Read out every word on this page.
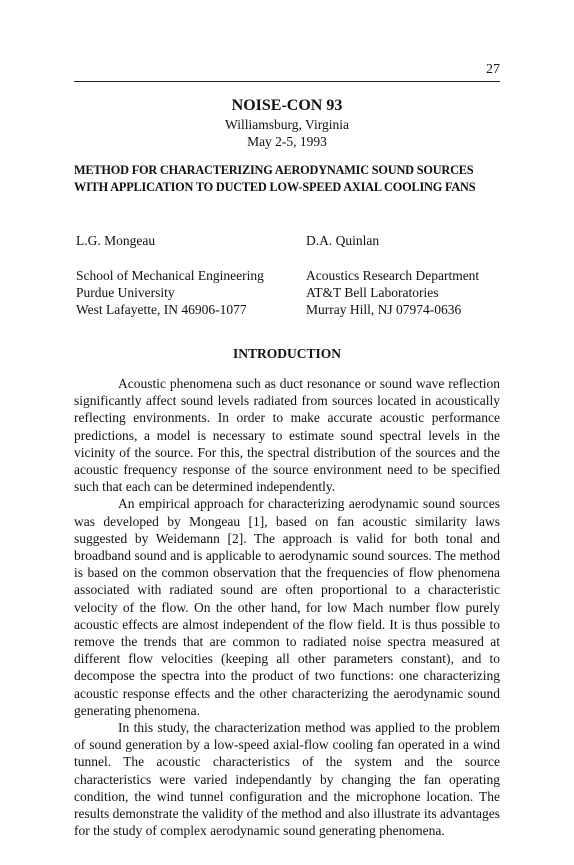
27
NOISE-CON 93
Williamsburg, Virginia
May 2-5, 1993
METHOD FOR CHARACTERIZING AERODYNAMIC SOUND SOURCES
WITH APPLICATION TO DUCTED LOW-SPEED AXIAL COOLING FANS
L.G. Mongeau
School of Mechanical Engineering
Purdue University
West Lafayette, IN 46906-1077
D.A. Quinlan
Acoustics Research Department
AT&T Bell Laboratories
Murray Hill, NJ 07974-0636
INTRODUCTION

Acoustic phenomena such as duct resonance or sound wave reflection significantly affect sound levels radiated from sources located in acoustically reflecting environments. In order to make accurate acoustic performance predictions, a model is necessary to estimate sound spectral levels in the vicinity of the source. For this, the spectral distribution of the sources and the acoustic frequency response of the source environment need to be specified such that each can be determined independently.

An empirical approach for characterizing aerodynamic sound sources was developed by Mongeau [1], based on fan acoustic similarity laws suggested by Weidemann [2]. The approach is valid for both tonal and broadband sound and is applicable to aerodynamic sound sources. The method is based on the common observation that the frequencies of flow phenomena associated with radiated sound are often proportional to a characteristic velocity of the flow. On the other hand, for low Mach number flow purely acoustic effects are almost independent of the flow field. It is thus possible to remove the trends that are common to radiated noise spectra measured at different flow velocities (keeping all other parameters constant), and to decompose the spectra into the product of two functions: one characterizing acoustic response effects and the other characterizing the aerodynamic sound generating phenomena.

In this study, the characterization method was applied to the problem of sound generation by a low-speed axial-flow cooling fan operated in a wind tunnel. The acoustic characteristics of the system and the source characteristics were varied independantly by changing the fan operating condition, the wind tunnel configuration and the microphone location. The results demonstrate the validity of the method and also illustrate its advantages for the study of complex aerodynamic sound generating phenomena.
